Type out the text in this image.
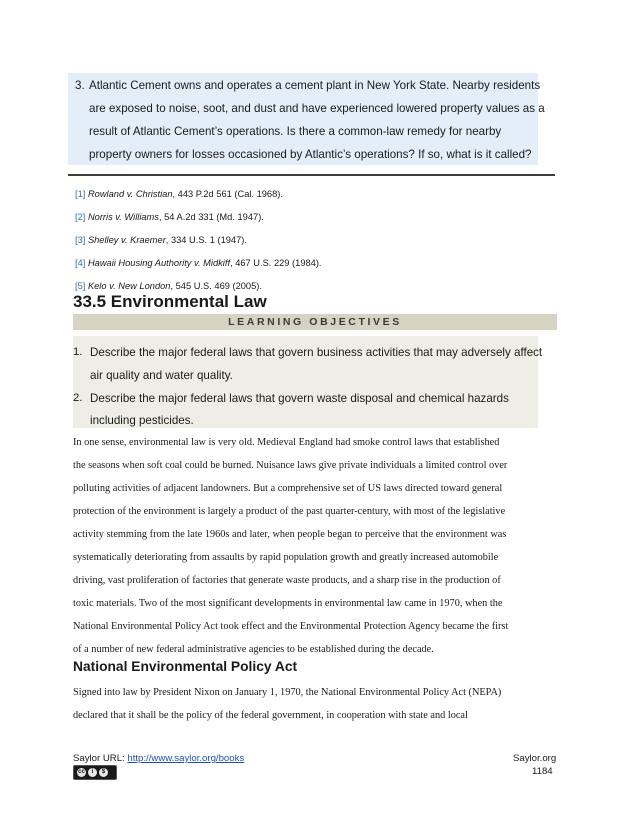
3. Atlantic Cement owns and operates a cement plant in New York State. Nearby residents
are exposed to noise, soot, and dust and have experienced lowered property values as a
result of Atlantic Cement’s operations. Is there a common-law remedy for nearby
property owners for losses occasioned by Atlantic’s operations? If so, what is it called?
[1] Rowland v. Christian, 443 P.2d 561 (Cal. 1968).
[2] Norris v. Williams, 54 A.2d 331 (Md. 1947).
[3] Shelley v. Kraemer, 334 U.S. 1 (1947).
[4] Hawaii Housing Authority v. Midkiff, 467 U.S. 229 (1984).
[5] Kelo v. New London, 545 U.S. 469 (2005).
33.5 Environmental Law
LEARNING OBJECTIVES
1. Describe the major federal laws that govern business activities that may adversely affect
air quality and water quality.
2. Describe the major federal laws that govern waste disposal and chemical hazards
including pesticides.
In one sense, environmental law is very old. Medieval England had smoke control laws that established
the seasons when soft coal could be burned. Nuisance laws give private individuals a limited control over
polluting activities of adjacent landowners. But a comprehensive set of US laws directed toward general
protection of the environment is largely a product of the past quarter-century, with most of the legislative
activity stemming from the late 1960s and later, when people began to perceive that the environment was
systematically deteriorating from assaults by rapid population growth and greatly increased automobile
driving, vast proliferation of factories that generate waste products, and a sharp rise in the production of
toxic materials. Two of the most significant developments in environmental law came in 1970, when the
National Environmental Policy Act took effect and the Environmental Protection Agency became the first
of a number of new federal administrative agencies to be established during the decade.
National Environmental Policy Act
Signed into law by President Nixon on January 1, 1970, the National Environmental Policy Act (NEPA)
declared that it shall be the policy of the federal government, in cooperation with state and local
Saylor URL: http://www.saylor.org/books
cc	i	$
Saylor.org
1184
